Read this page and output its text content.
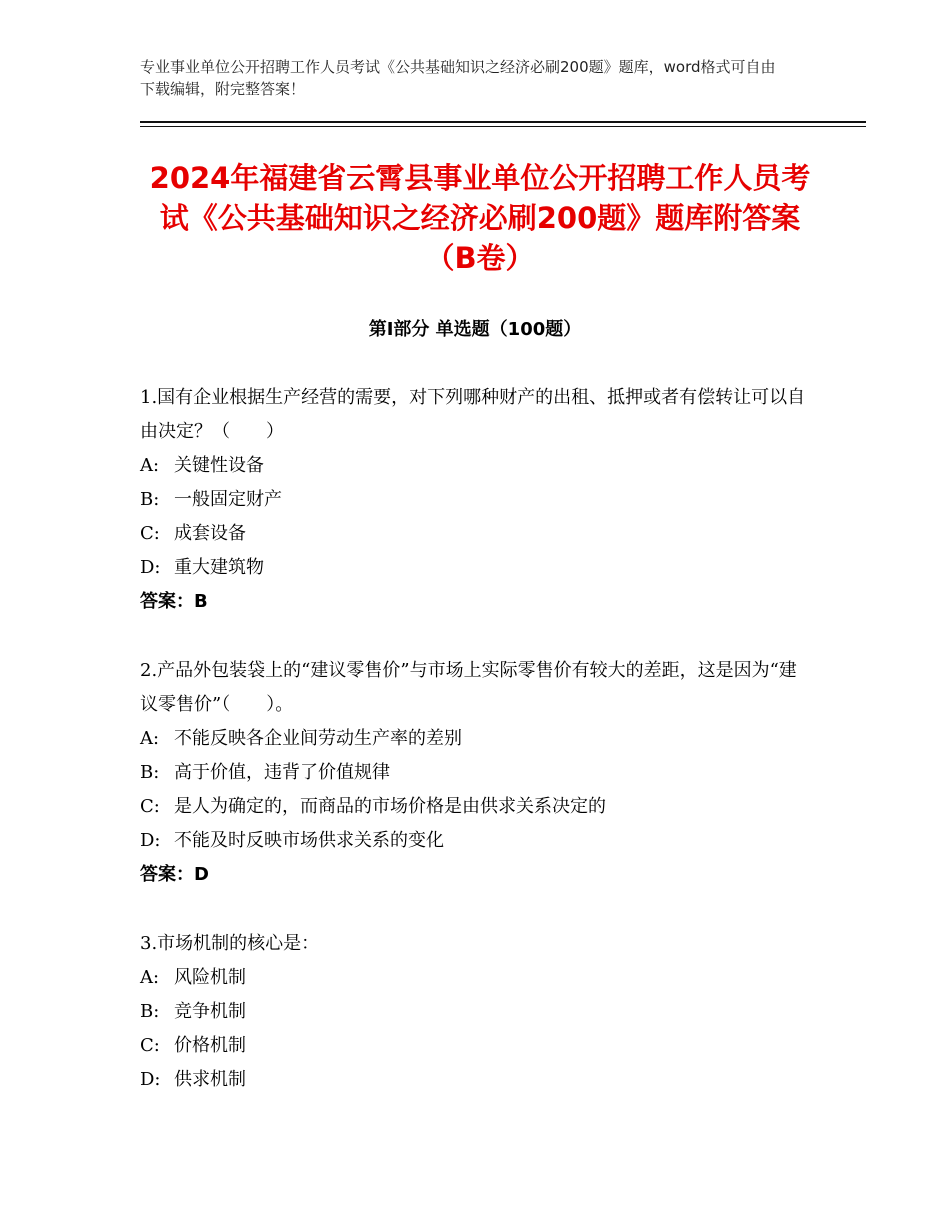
专业事业单位公开招聘工作人员考试《公共基础知识之经济必刷200题》题库，word格式可自由下载编辑，附完整答案！
2024年福建省云霄县事业单位公开招聘工作人员考试《公共基础知识之经济必刷200题》题库附答案（B卷）
第Ⅰ部分 单选题（100题）
1.国有企业根据生产经营的需要，对下列哪种财产的出租、抵押或者有偿转让可以自由决定？（　　）
A: 关键性设备
B: 一般固定财产
C: 成套设备
D: 重大建筑物
答案：B
2.产品外包装袋上的“建议零售价”与市场上实际零售价有较大的差距，这是因为“建议零售价”（　　）。
A: 不能反映各企业间劳动生产率的差别
B: 高于价值，违背了价值规律
C: 是人为确定的，而商品的市场价格是由供求关系决定的
D: 不能及时反映市场供求关系的变化
答案：D
3.市场机制的核心是：
A: 风险机制
B: 竞争机制
C: 价格机制
D: 供求机制
